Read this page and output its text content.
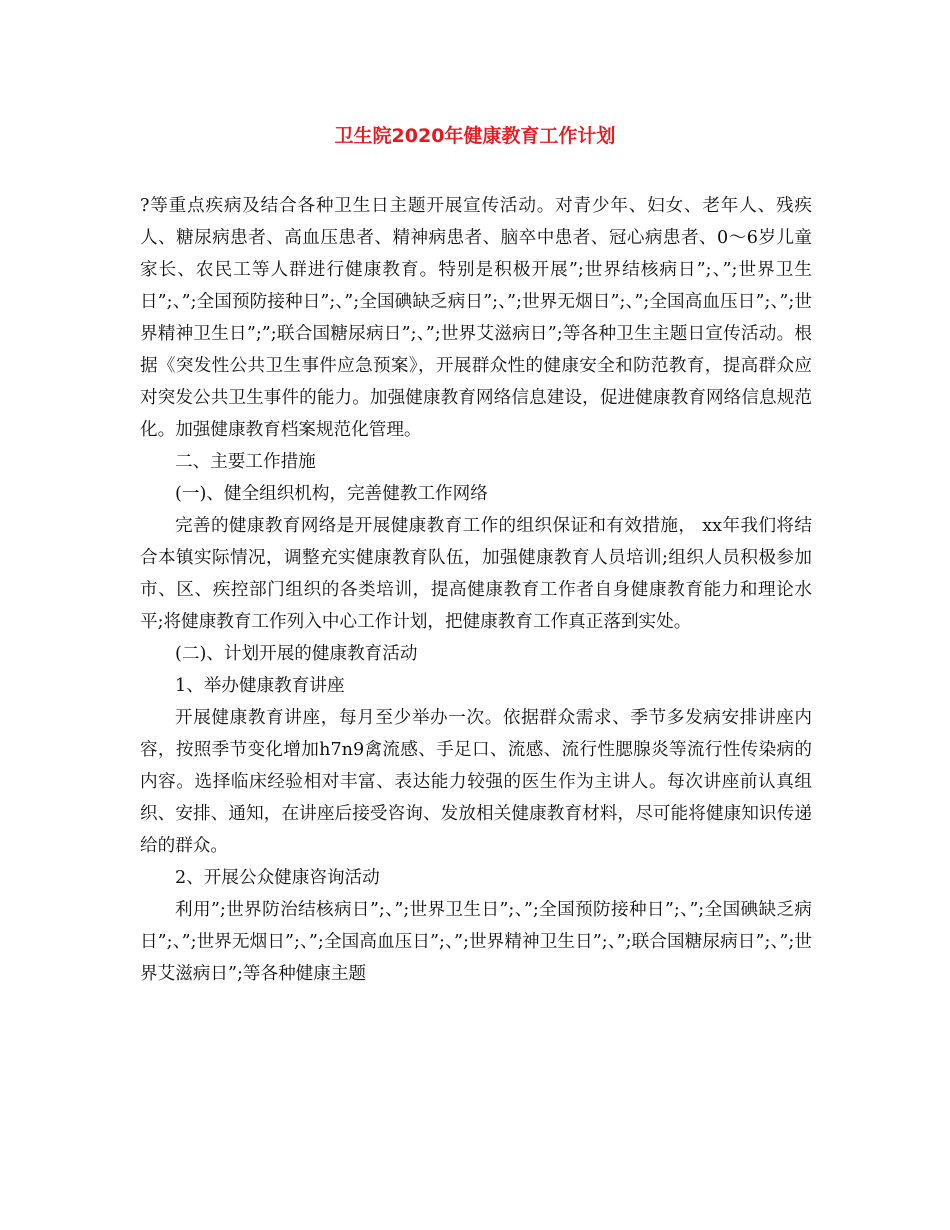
卫生院2020年健康教育工作计划

?等重点疾病及结合各种卫生日主题开展宣传活动。对青少年、妇女、老年人、残疾人、糖尿病患者、高血压患者、精神病患者、脑卒中患者、冠心病患者、0～6岁儿童家长、农民工等人群进行健康教育。特别是积极开展”;世界结核病日”;、”;世界卫生日”;、”;全国预防接种日”;、”;全国碘缺乏病日”;、”;世界无烟日”;、”;全国高血压日”;、”;世界精神卫生日”;”;联合国糖尿病日”;、”;世界艾滋病日”;等各种卫生主题日宣传活动。根据《突发性公共卫生事件应急预案》，开展群众性的健康安全和防范教育，提高群众应对突发公共卫生事件的能力。加强健康教育网络信息建设，促进健康教育网络信息规范化。加强健康教育档案规范化管理。

二、主要工作措施

(一)、健全组织机构，完善健教工作网络

完善的健康教育网络是开展健康教育工作的组织保证和有效措施， xx年我们将结合本镇实际情况，调整充实健康教育队伍，加强健康教育人员培训;组织人员积极参加市、区、疾控部门组织的各类培训，提高健康教育工作者自身健康教育能力和理论水平;将健康教育工作列入中心工作计划，把健康教育工作真正落到实处。

(二)、计划开展的健康教育活动

1、举办健康教育讲座

开展健康教育讲座，每月至少举办一次。依据群众需求、季节多发病安排讲座内容，按照季节变化增加h7n9禽流感、手足口、流感、流行性腮腺炎等流行性传染病的内容。选择临床经验相对丰富、表达能力较强的医生作为主讲人。每次讲座前认真组织、安排、通知，在讲座后接受咨询、发放相关健康教育材料，尽可能将健康知识传递给的群众。

2、开展公众健康咨询活动

利用”;世界防治结核病日”;、”;世界卫生日”;、”;全国预防接种日”;、”;全国碘缺乏病日”;、”;世界无烟日”;、”;全国高血压日”;、”;世界精神卫生日”;、”;联合国糖尿病日”;、”;世界艾滋病日”;等各种健康主题
